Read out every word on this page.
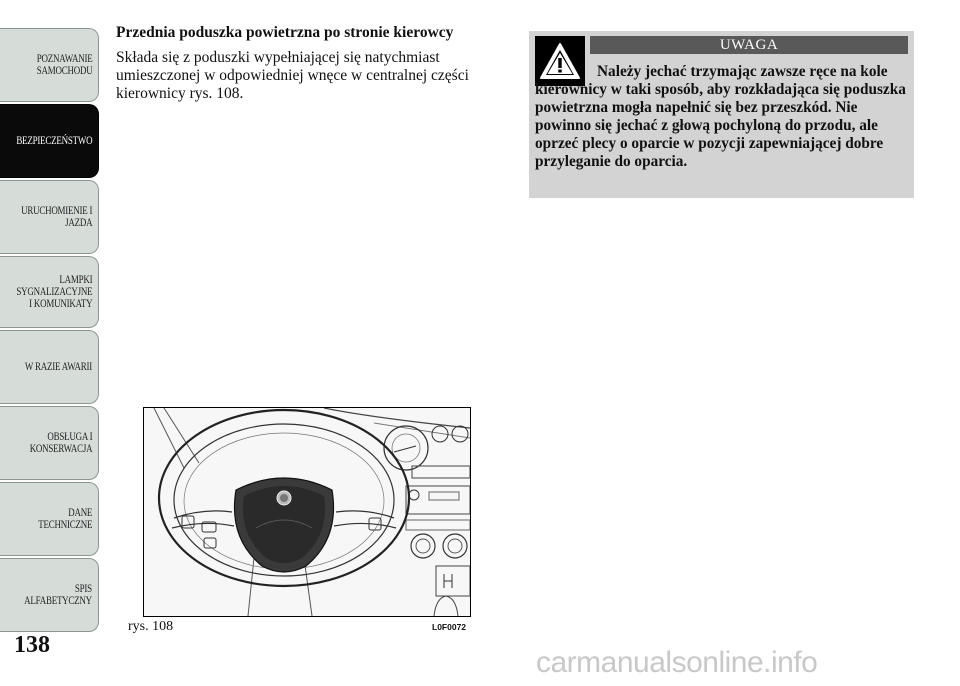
POZNAWANIE
SAMOCHODU
BEZPIECZEŃSTWO
URUCHOMIENIE I
JAZDA
LAMPKI
SYGNALIZACYJNE
I KOMUNIKATY
W RAZIE AWARII
OBSŁUGA I
KONSERWACJA
DANE
TECHNICZNE
SPIS
ALFABETYCZNY
138
Przednia poduszka powietrzna po stronie kierowcy
Składa się z poduszki wypełniającej się natychmiast umieszczonej w odpowiedniej wnęce w centralnej części kierownicy rys. 108.
UWAGA
Należy jechać trzymając zawsze ręce na kole kierownicy w taki sposób, aby rozkładająca się poduszka powietrzna mogła napełnić się bez przeszkód. Nie powinno się jechać z głową pochyloną do przodu, ale oprzeć plecy o oparcie w pozycji zapewniającej dobre przyleganie do oparcia.
rys. 108	L0F0072
carmanualsonline.info
